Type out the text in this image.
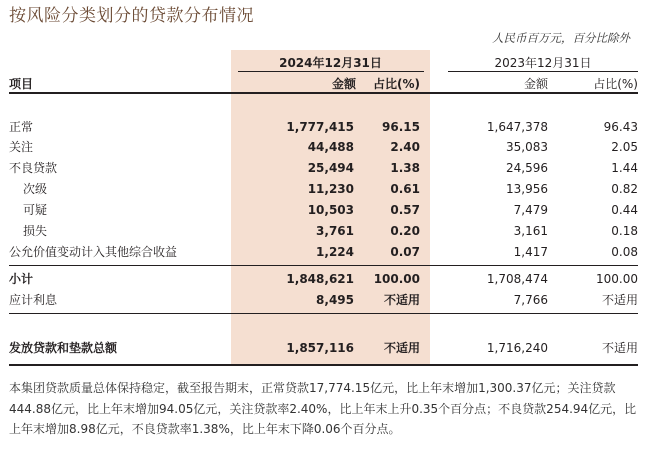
按风险分类划分的贷款分布情况
人民币百万元，百分比除外
2024年12月31日	2023年12月31日
项目	金额 占比(%)	金额	占比(%)
正常	1,777,415 96.15	1,647,378	96.43
关注	44,488	2.40	35,083	2.05
不良贷款	25,494	1.38	24,596	1.44
次级	11,230	0.61	13,956	0.82
可疑	10,503	0.57	7,479	0.44
损失	3,761	0.20	3,161	0.18
公允价值变动计入其他综合收益	1,224	0.07	1,417	0.08
小计	1,848,621 100.00	1,708,474	100.00
应计利息	8,495 不适用	7,766	不适用
发放贷款和垫款总额	1,857,116 不适用	1,716,240	不适用
本集团贷款质量总体保持稳定，截至报告期末，正常贷款17,774.15亿元，比上年末增加1,300.37亿元；关注贷款444.88亿元，比上年末增加94.05亿元，关注贷款率2.40%，比上年末上升0.35个百分点；不良贷款254.94亿元，比上年末增加8.98亿元，不良贷款率1.38%，比上年末下降0.06个百分点。
